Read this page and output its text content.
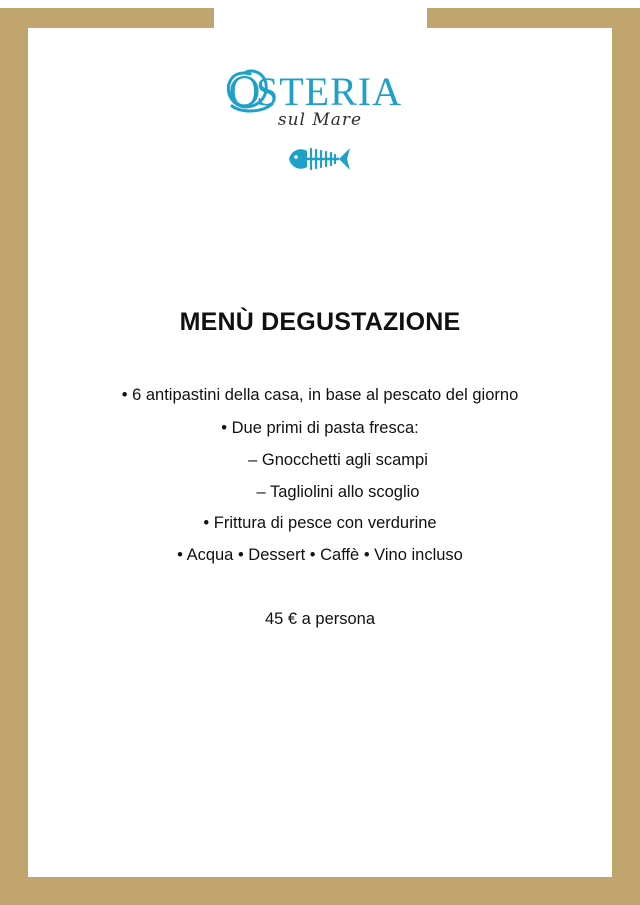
O
STERIA
sul Mare
MENÙ DEGUSTAZIONE
• 6 antipastini della casa, in base al pescato del giorno
• Due primi di pasta fresca:
– Gnocchetti agli scampi
– Tagliolini allo scoglio
• Frittura di pesce con verdurine
• Acqua • Dessert • Caffè • Vino incluso
45 € a persona
